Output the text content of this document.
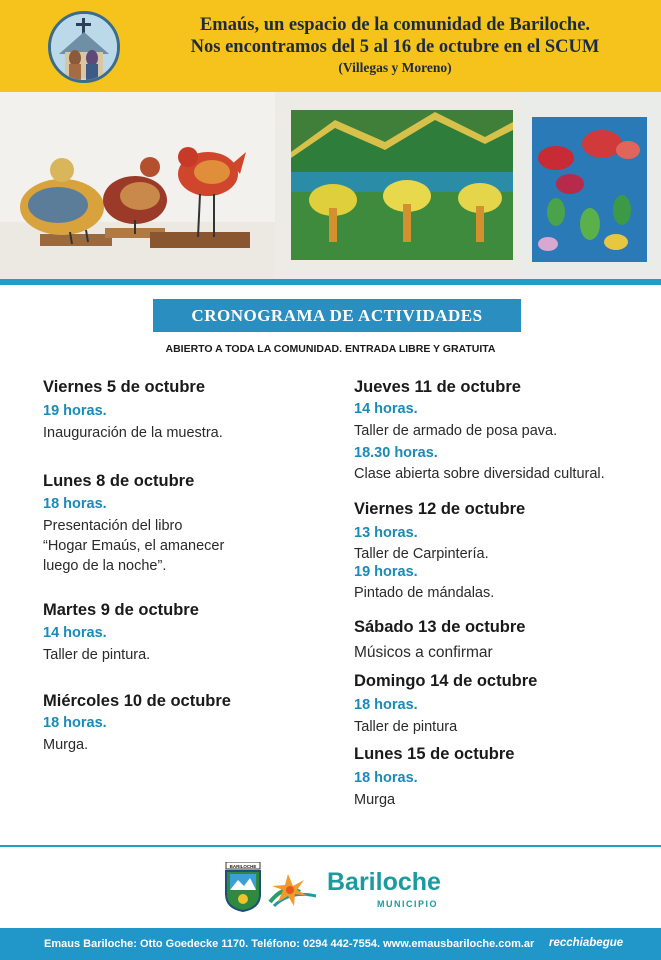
Emaús, un espacio de la comunidad de Bariloche.
Nos encontramos del 5 al 16 de octubre en el SCUM
(Villegas y Moreno)
CRONOGRAMA DE ACTIVIDADES
ABIERTO A TODA LA COMUNIDAD. ENTRADA LIBRE Y GRATUITA
Viernes 5 de octubre
19 horas.
Inauguración de la muestra.
Lunes 8 de octubre
18 horas.
Presentación del libro
“Hogar Emaús, el amanecer
luego de la noche”.
Martes 9 de octubre
14 horas.
Taller de pintura.
Miércoles 10 de octubre
18 horas.
Murga.
Jueves 11 de octubre
14 horas.
Taller de armado de posa pava.
18.30 horas.
Clase abierta sobre diversidad cultural.
Viernes 12 de octubre
13 horas.
Taller de Carpintería.
19 horas.
Pintado de mándalas.
Sábado 13 de octubre
Músicos a confirmar
Domingo 14 de octubre
18 horas.
Taller de pintura
Lunes 15 de octubre
18 horas.
Murga
BARILOCHE
Bariloche
MUNICIPIO
Emaus Bariloche: Otto Goedecke 1170. Teléfono: 0294 442-7554. www.emausbariloche.com.ar recchiabegue
